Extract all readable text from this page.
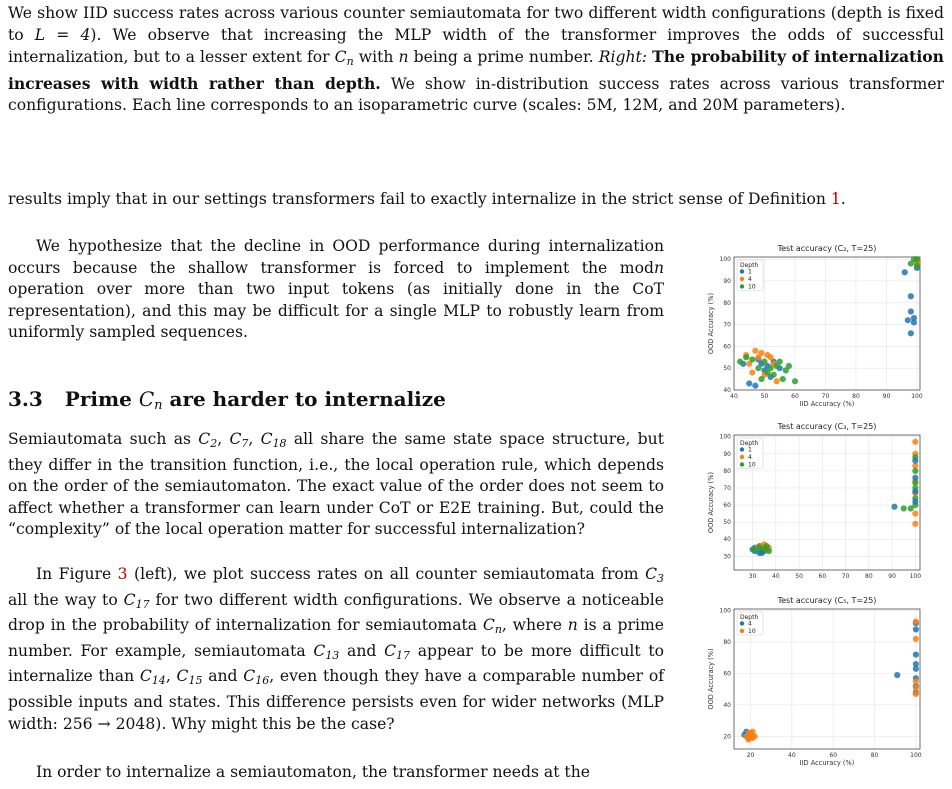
We show IID success rates across various counter semiautomata for two different width configurations (depth is fixed to L = 4). We observe that increasing the MLP width of the transformer improves the odds of successful internalization, but to a lesser extent for $C_n$ with n being a prime number. Right: The probability of internalization increases with width rather than depth. We show in-distribution success rates across various transformer configurations. Each line corresponds to an isoparametric curve (scales: 5M, 12M, and 20M parameters).
results imply that in our settings transformers fail to exactly internalize in the strict sense of Definition 1.
We hypothesize that the decline in OOD performance during internalization occurs because the shallow transformer is forced to implement the modn operation over more than two input tokens (as initially done in the CoT representation), and this may be difficult for a single MLP to robustly learn from uniformly sampled sequences.
3.3 Prime $C_n$ are harder to internalize
Semiautomata such as $C_2$, $C_7$, $C_{18}$ all share the same state space structure, but they differ in the transition function, i.e., the local operation rule, which depends on the order of the semiautomaton. The exact value of the order does not seem to affect whether a transformer can learn under CoT or E2E training. But, could the “complexity” of the local operation matter for successful internalization?
In Figure 3 (left), we plot success rates on all counter semiautomata from $C_3$ all the way to $C_{17}$ for two different width configurations. We observe a noticeable drop in the probability of internalization for semiautomata $C_n$, where n is a prime number. For example, semiautomata $C_{13}$ and $C_{17}$ appear to be more difficult to internalize than $C_{14}$, $C_{15}$ and $C_{16}$, even though they have a comparable number of possible inputs and states. This difference persists even for wider networks (MLP width: 256 → 2048). Why might this be the case?
In order to internalize a semiautomaton, the transformer needs at the
Test accuracy (C₂, T=25)
40	50	60	70	80	90	100
40
50
60
70
80
90
100
IID Accuracy (%)
OOD Accuracy (%)
Depth
1
4
10
Test accuracy (C₃, T=25)
30	40	50	60	70	80	90 100
30
40
50
60
70
80
90
100
OOD Accuracy (%)
Depth
1
4
10
Test accuracy (C₅, T=25)
20	40	60	80	100
20
40
60
80
100
IID Accuracy (%)
OOD Accuracy (%)
Depth
4
10
